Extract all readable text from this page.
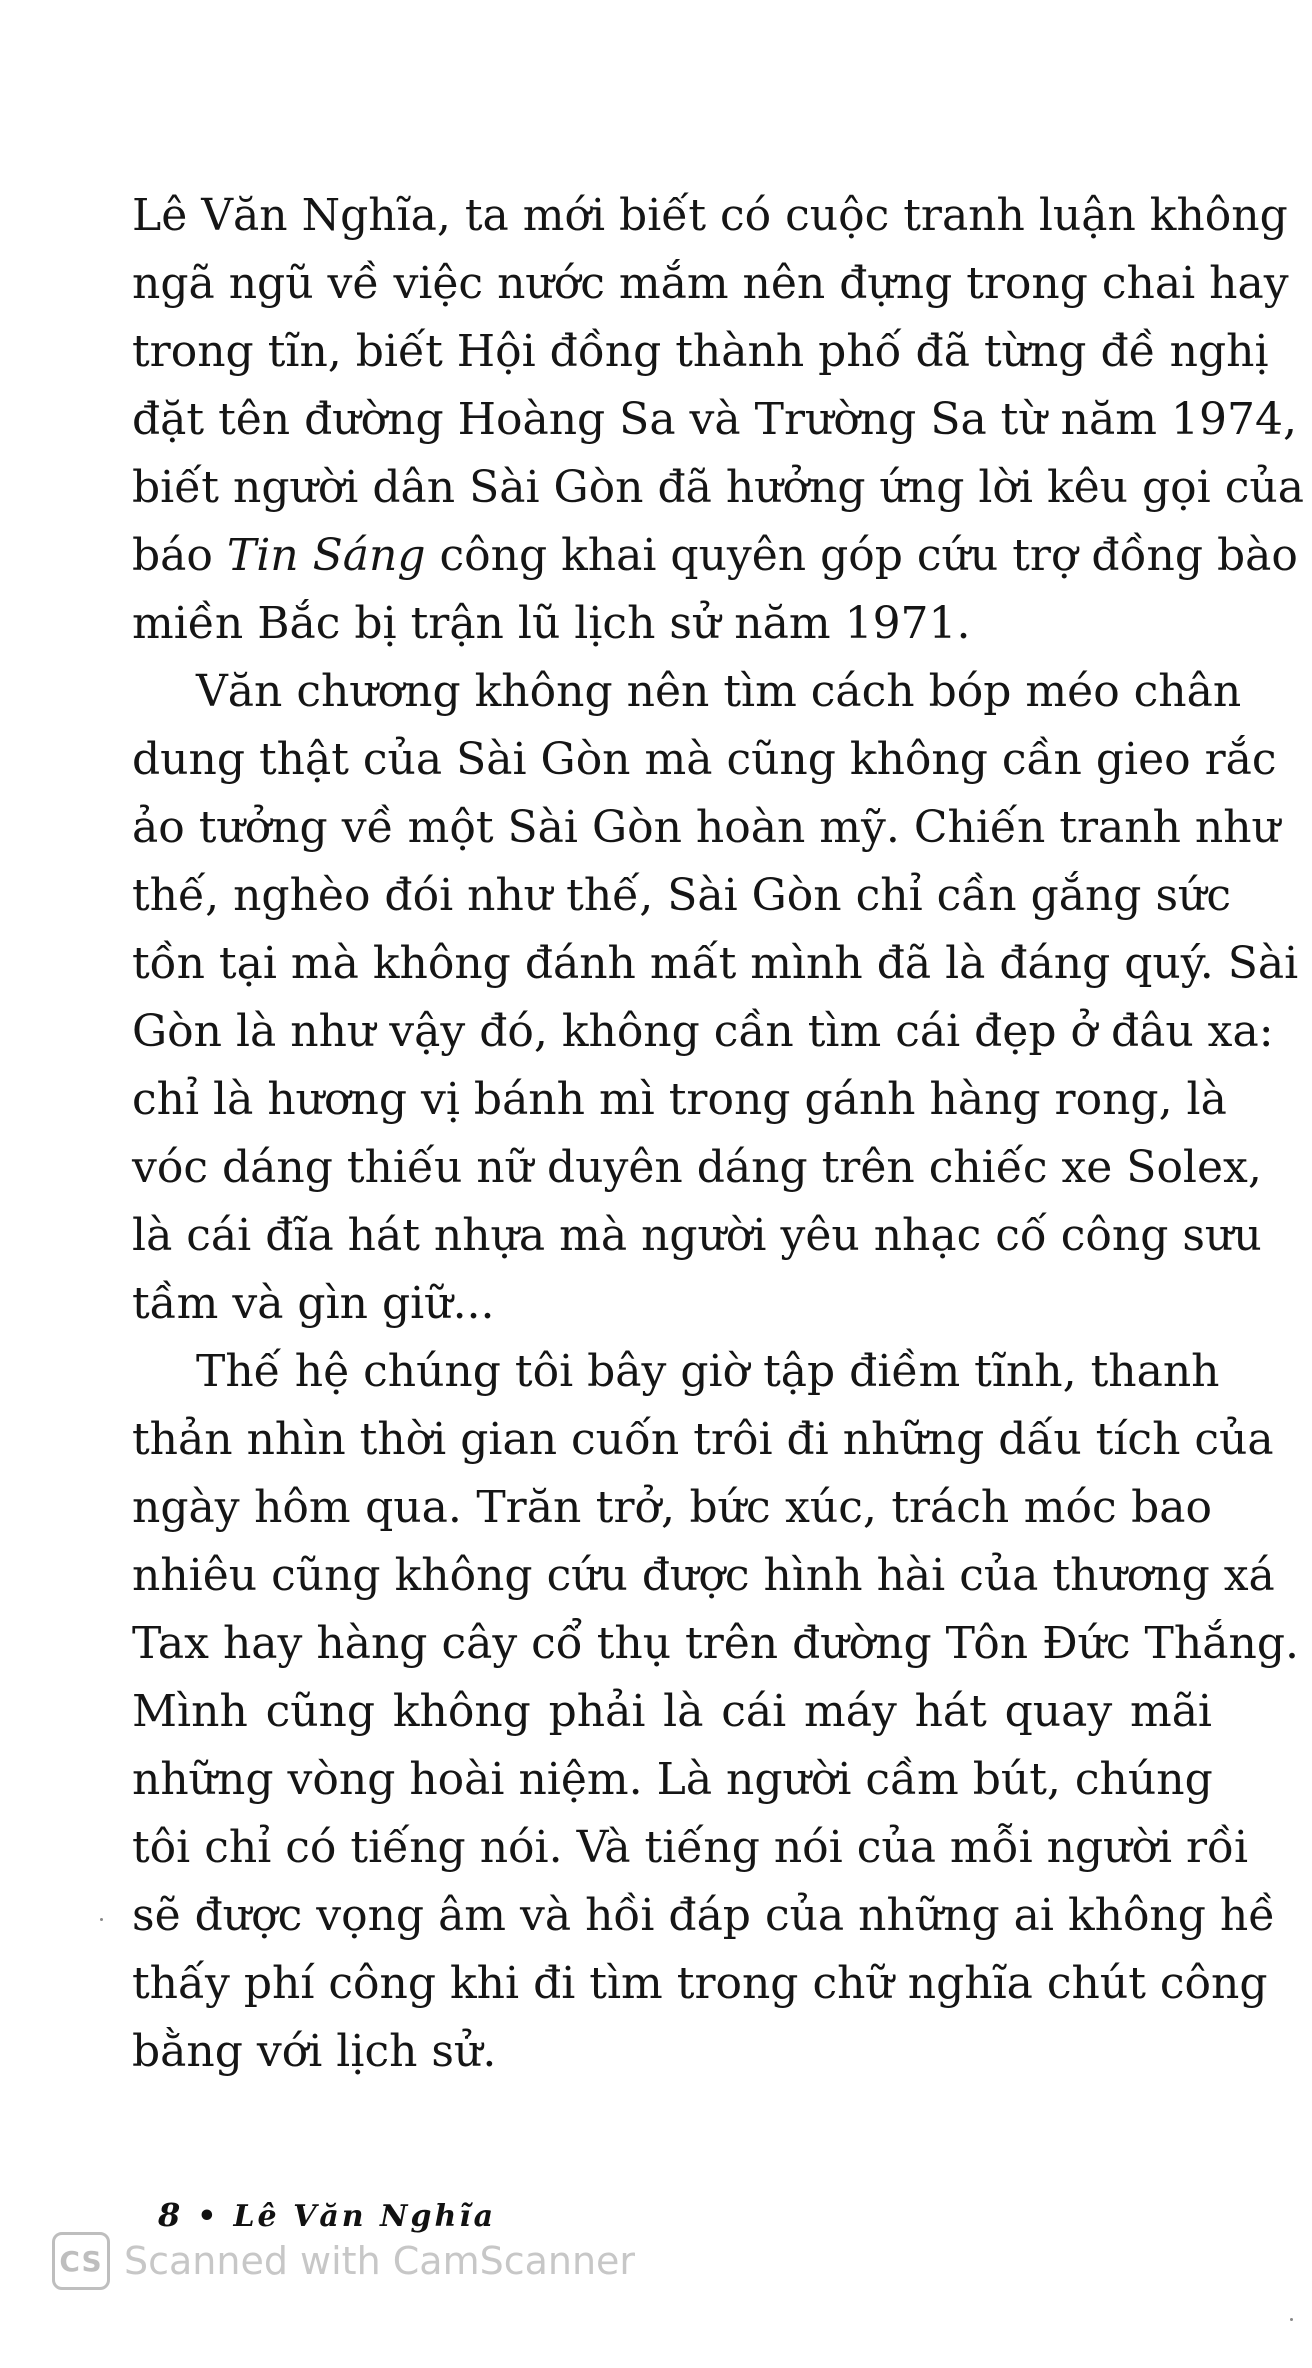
Lê Văn Nghĩa, ta mới biết có cuộc tranh luận không
ngã ngũ về việc nước mắm nên đựng trong chai hay
trong tĩn, biết Hội đồng thành phố đã từng đề nghị
đặt tên đường Hoàng Sa và Trường Sa từ năm 1974,
biết người dân Sài Gòn đã hưởng ứng lời kêu gọi của
báo Tin Sáng công khai quyên góp cứu trợ đồng bào
miền Bắc bị trận lũ lịch sử năm 1971.
Văn chương không nên tìm cách bóp méo chân
dung thật của Sài Gòn mà cũng không cần gieo rắc
ảo tưởng về một Sài Gòn hoàn mỹ. Chiến tranh như
thế, nghèo đói như thế, Sài Gòn chỉ cần gắng sức
tồn tại mà không đánh mất mình đã là đáng quý. Sài
Gòn là như vậy đó, không cần tìm cái đẹp ở đâu xa:
chỉ là hương vị bánh mì trong gánh hàng rong, là
vóc dáng thiếu nữ duyên dáng trên chiếc xe Solex,
là cái đĩa hát nhựa mà người yêu nhạc cố công sưu
tầm và gìn giữ...
Thế hệ chúng tôi bây giờ tập điềm tĩnh, thanh
thản nhìn thời gian cuốn trôi đi những dấu tích của
ngày hôm qua. Trăn trở, bức xúc, trách móc bao
nhiêu cũng không cứu được hình hài của thương xá
Tax hay hàng cây cổ thụ trên đường Tôn Đức Thắng.
Mình cũng không phải là cái máy hát quay mãi
những vòng hoài niệm. Là người cầm bút, chúng
tôi chỉ có tiếng nói. Và tiếng nói của mỗi người rồi
sẽ được vọng âm và hồi đáp của những ai không hề
thấy phí công khi đi tìm trong chữ nghĩa chút công
bằng với lịch sử.
8 • Lê Văn Nghĩa
CS Scanned with CamScanner
